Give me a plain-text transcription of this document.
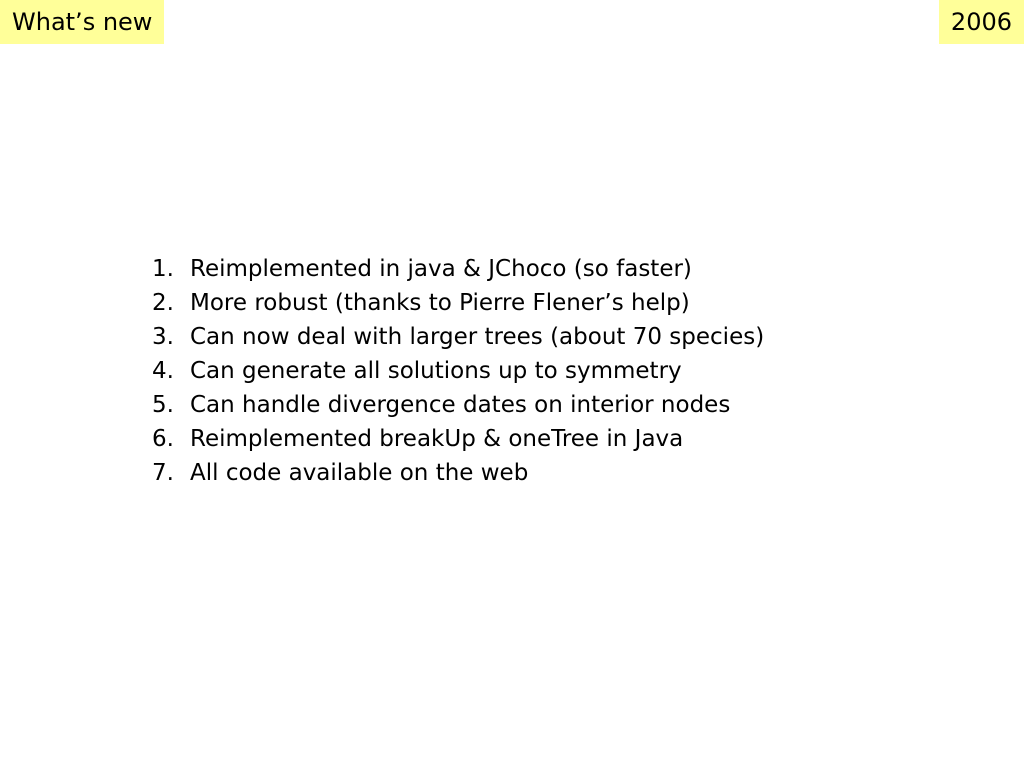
What’s new	2006
1. Reimplemented in java & JChoco (so faster)
2. More robust (thanks to Pierre Flener’s help)
3. Can now deal with larger trees (about 70 species)
4. Can generate all solutions up to symmetry
5. Can handle divergence dates on interior nodes
6. Reimplemented breakUp & oneTree in Java
7. All code available on the web
